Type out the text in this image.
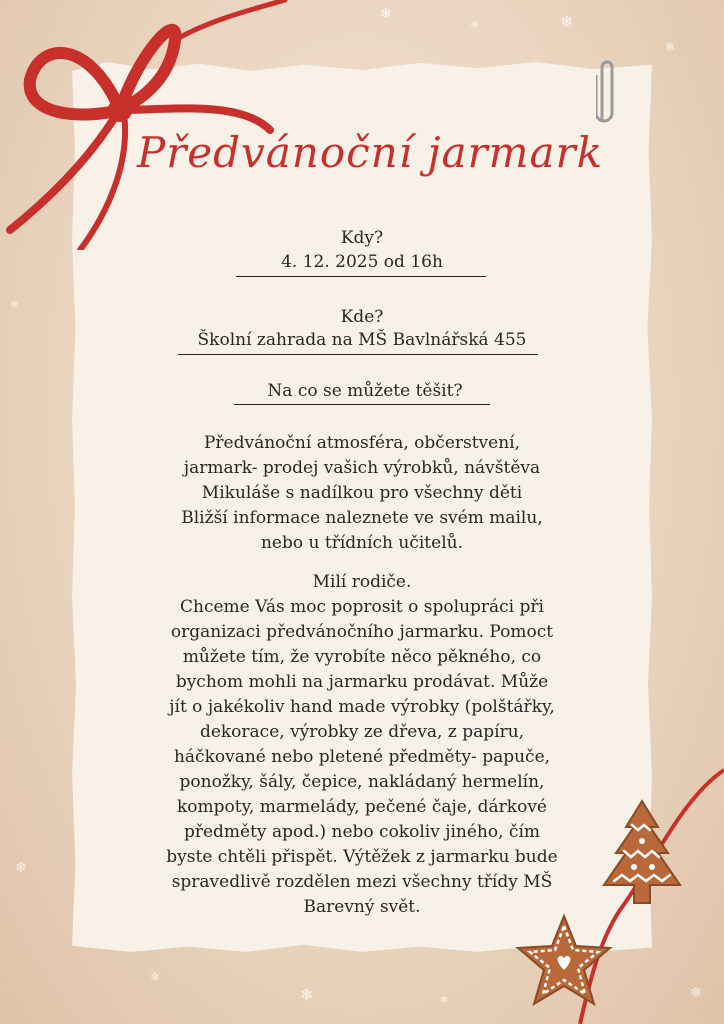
❄
❄	❄
❄
❄
❄
❄
❄	❄	❄
Předvánoční jarmark
Kdy?
4. 12. 2025 od 16h
Kde?
Školní zahrada na MŠ Bavlnářská 455
Na co se můžete těšit?
Předvánoční atmosféra, občerstvení,
jarmark- prodej vašich výrobků, návštěva
Mikuláše s nadílkou pro všechny děti
Bližší informace naleznete ve svém mailu,
nebo u třídních učitelů.
Milí rodiče.
Chceme Vás moc poprosit o spolupráci při
organizaci předvánočního jarmarku. Pomoct
můžete tím, že vyrobíte něco pěkného, co
bychom mohli na jarmarku prodávat. Může
jít o jakékoliv hand made výrobky (polštářky,
dekorace, výrobky ze dřeva, z papíru,
háčkované nebo pletené předměty- papuče,
ponožky, šály, čepice, nakládaný hermelín,
kompoty, marmelády, pečené čaje, dárkové
předměty apod.) nebo cokoliv jiného, čím
byste chtěli přispět. Výtěžek z jarmarku bude
spravedlivě rozdělen mezi všechny třídy MŠ
Barevný svět.
